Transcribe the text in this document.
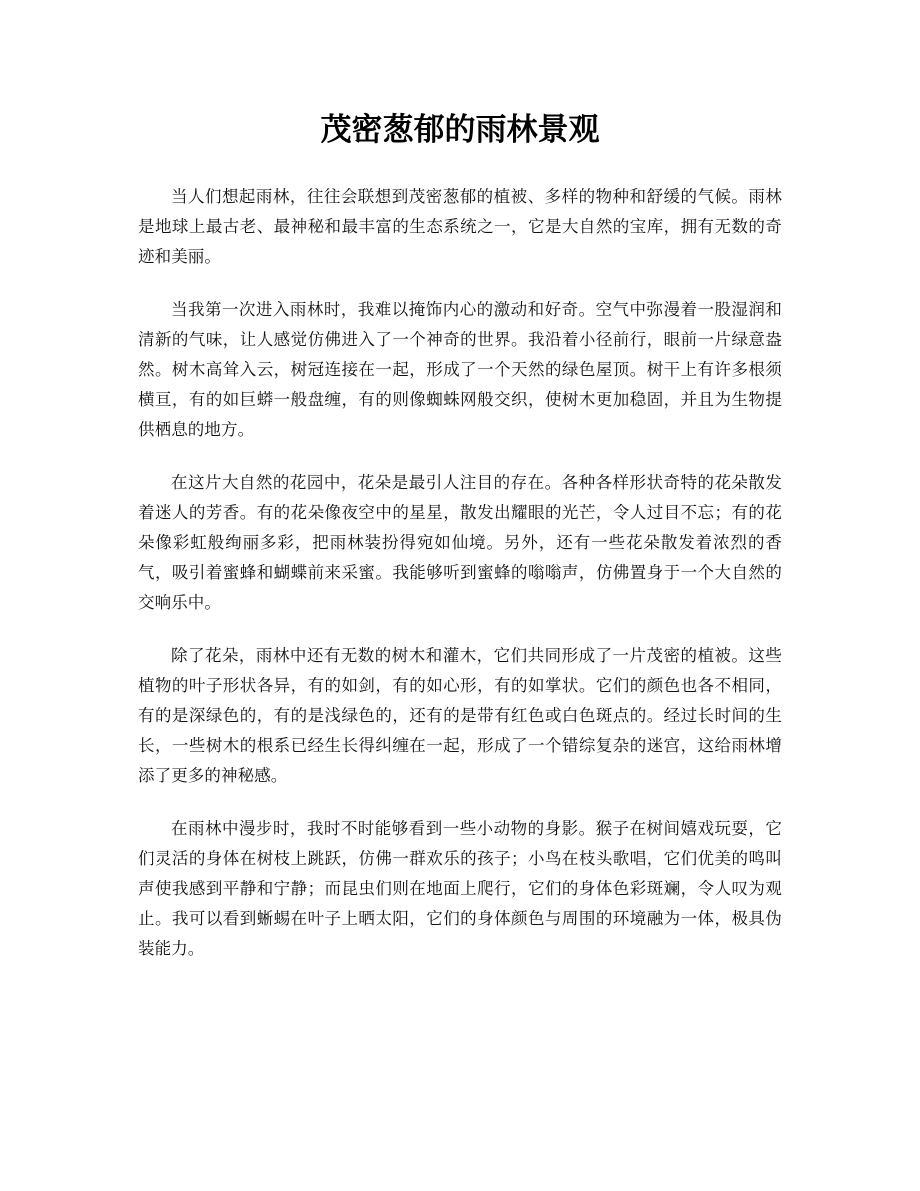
茂密葱郁的雨林景观

当人们想起雨林，往往会联想到茂密葱郁的植被、多样的物种和舒缓的气候。雨林是地球上最古老、最神秘和最丰富的生态系统之一，它是大自然的宝库，拥有无数的奇迹和美丽。

当我第一次进入雨林时，我难以掩饰内心的激动和好奇。空气中弥漫着一股湿润和清新的气味，让人感觉仿佛进入了一个神奇的世界。我沿着小径前行，眼前一片绿意盎然。树木高耸入云，树冠连接在一起，形成了一个天然的绿色屋顶。树干上有许多根须横亘，有的如巨蟒一般盘缠，有的则像蜘蛛网般交织，使树木更加稳固，并且为生物提供栖息的地方。

在这片大自然的花园中，花朵是最引人注目的存在。各种各样形状奇特的花朵散发着迷人的芳香。有的花朵像夜空中的星星，散发出耀眼的光芒，令人过目不忘；有的花朵像彩虹般绚丽多彩，把雨林装扮得宛如仙境。另外，还有一些花朵散发着浓烈的香气，吸引着蜜蜂和蝴蝶前来采蜜。我能够听到蜜蜂的嗡嗡声，仿佛置身于一个大自然的交响乐中。

除了花朵，雨林中还有无数的树木和灌木，它们共同形成了一片茂密的植被。这些植物的叶子形状各异，有的如剑，有的如心形，有的如掌状。它们的颜色也各不相同，有的是深绿色的，有的是浅绿色的，还有的是带有红色或白色斑点的。经过长时间的生长，一些树木的根系已经生长得纠缠在一起，形成了一个错综复杂的迷宫，这给雨林增添了更多的神秘感。

在雨林中漫步时，我时不时能够看到一些小动物的身影。猴子在树间嬉戏玩耍，它们灵活的身体在树枝上跳跃，仿佛一群欢乐的孩子；小鸟在枝头歌唱，它们优美的鸣叫声使我感到平静和宁静；而昆虫们则在地面上爬行，它们的身体色彩斑斓，令人叹为观止。我可以看到蜥蜴在叶子上晒太阳，它们的身体颜色与周围的环境融为一体，极具伪装能力。
